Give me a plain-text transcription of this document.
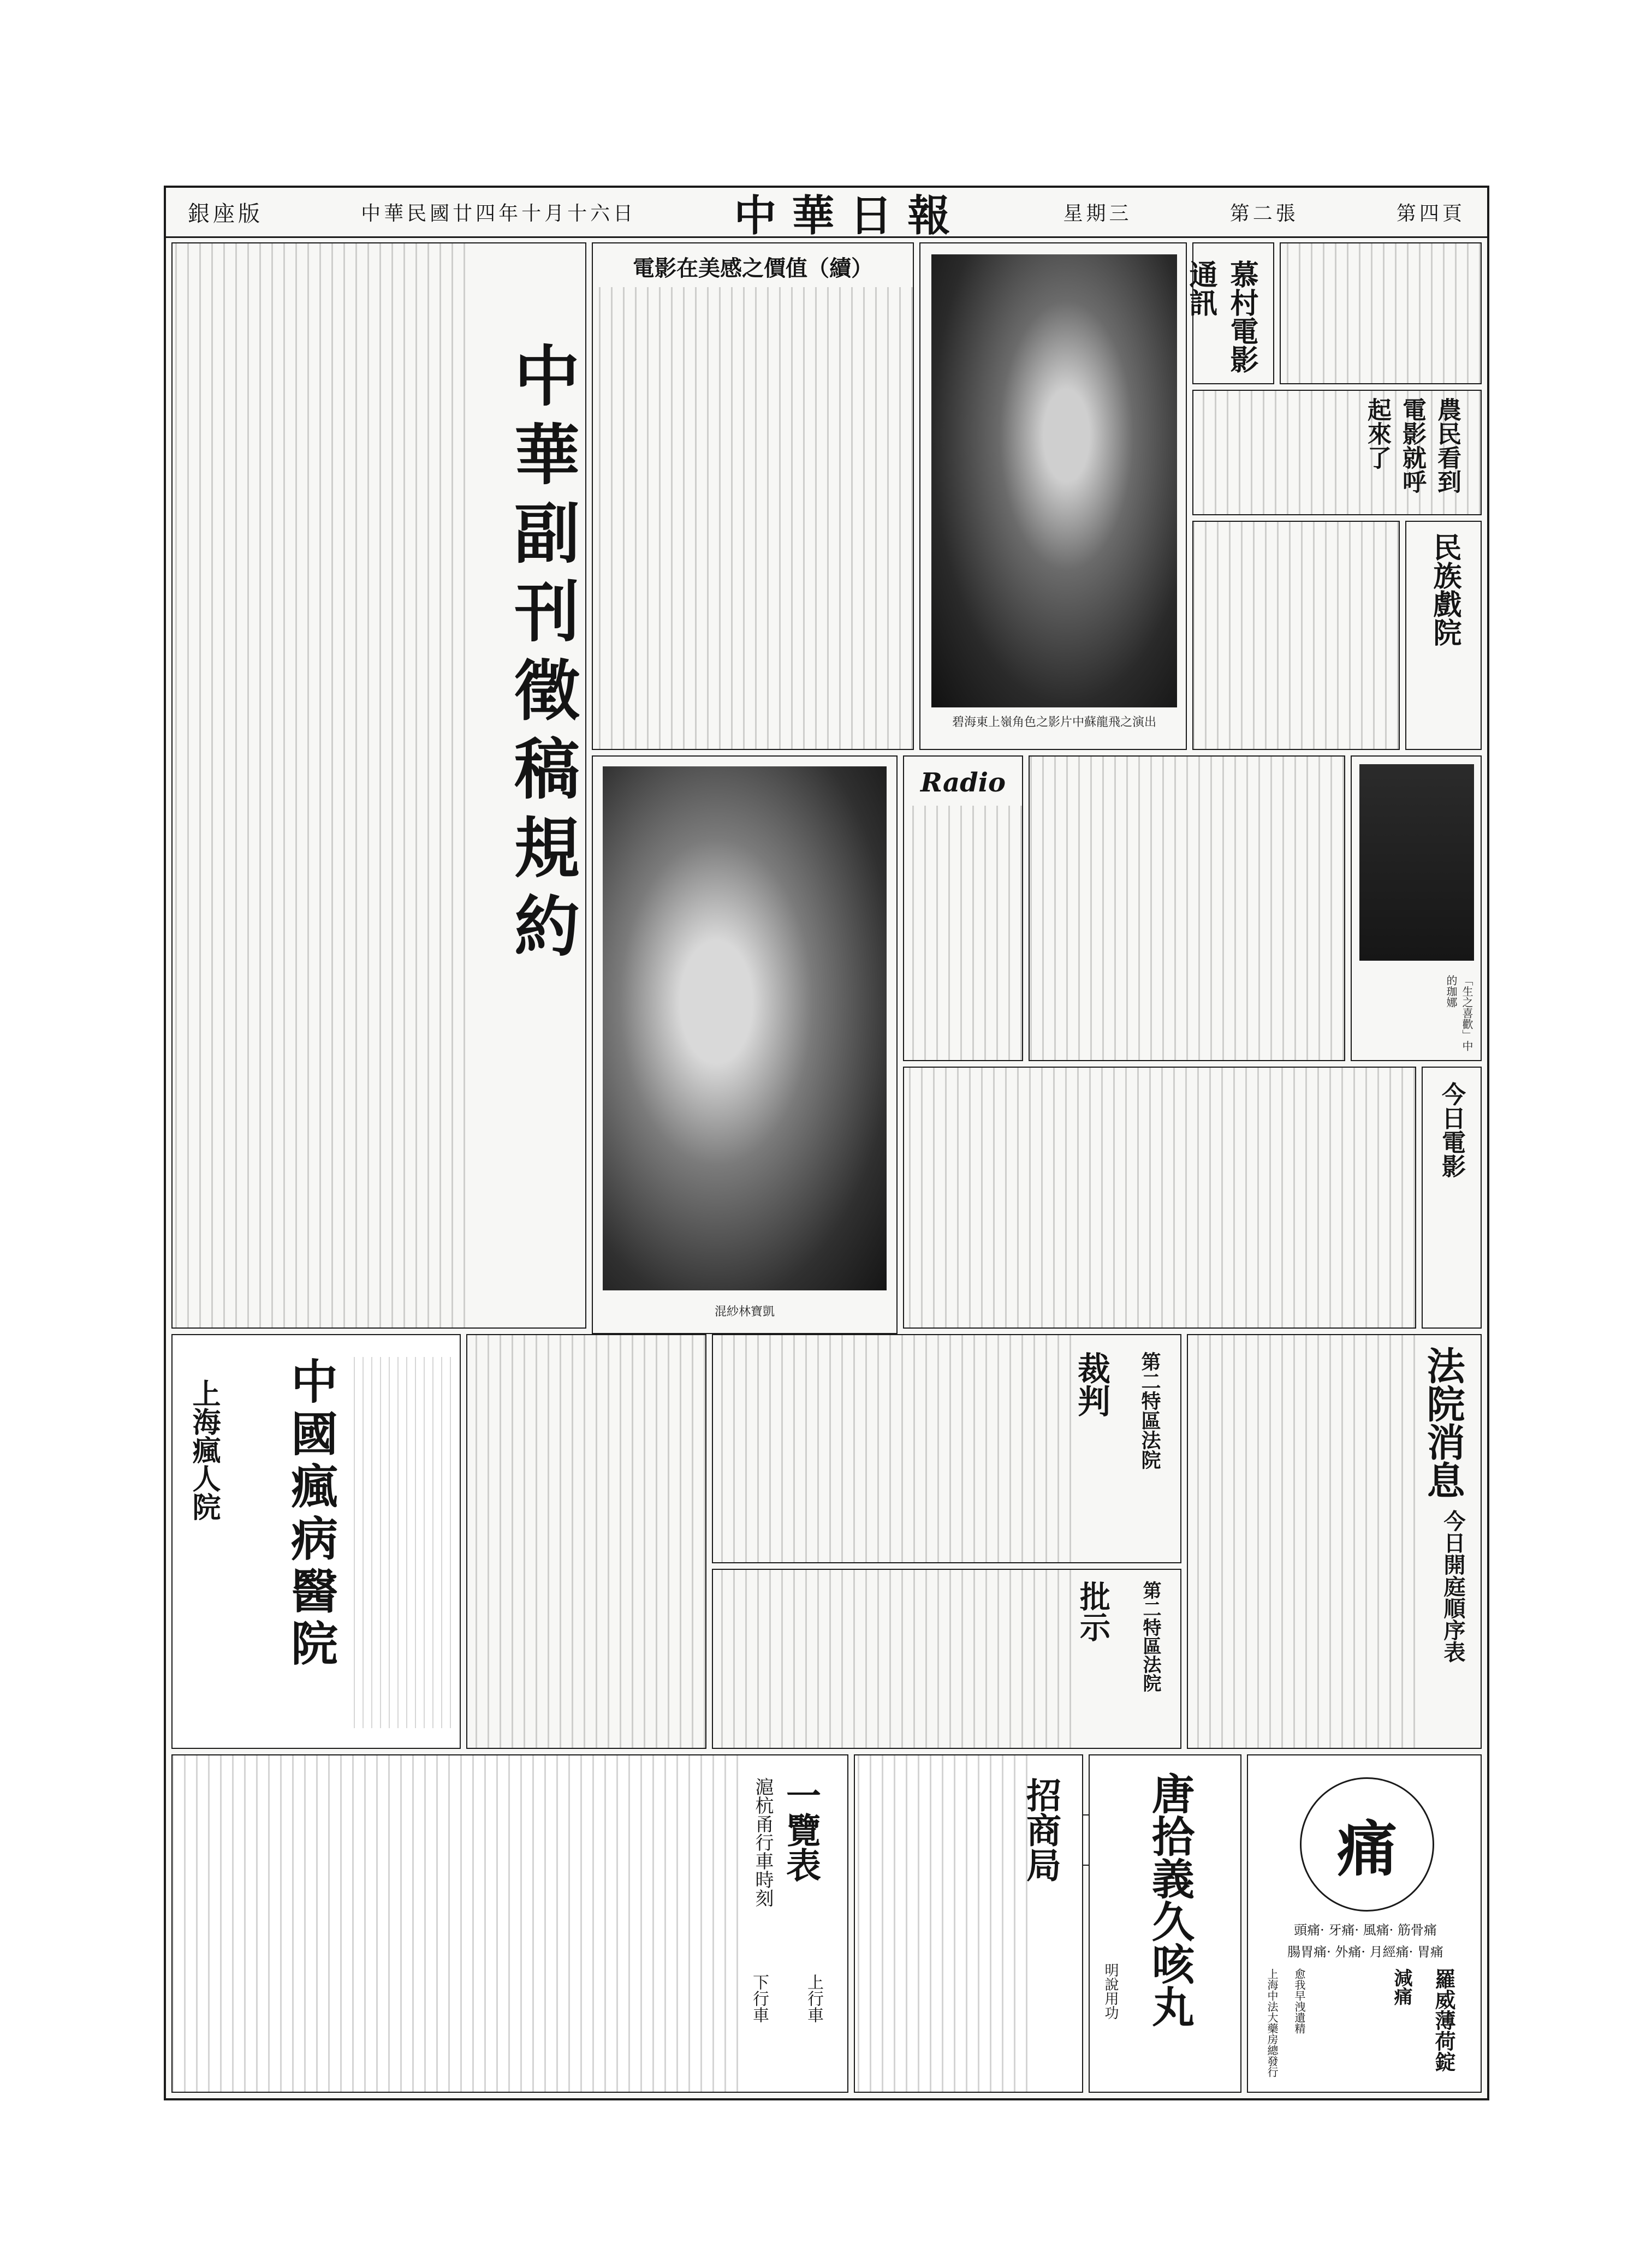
銀座版	中華民國廿四年十月十六日 中華日報	星期三	第二張	第四頁
慕村電影通訊
農民看到電影就呼起來了
民族戲院
碧海東上嶺角色之影片中蘇龍飛之演出
電影在美感之價值（續）
中華副刊徵稿規約
混紗林寶凱
Radio
「生之喜歡」中的珈娜
今日電影
法院消息
今日開庭順序表
裁判 第二特區法院
批示 第二特區法院
中國瘋病醫院
上海瘋人院
一覽表
滬杭甬行車時刻
上行車
下行車
招商局 唐拾義久咳丸
明說用功
痛
頭痛· 牙痛· 風痛· 筋骨痛
腸胃痛· 外痛· 月經痛· 胃痛
羅威薄荷錠
減痛
上海中法大藥房總發行 愈我早洩遺精
